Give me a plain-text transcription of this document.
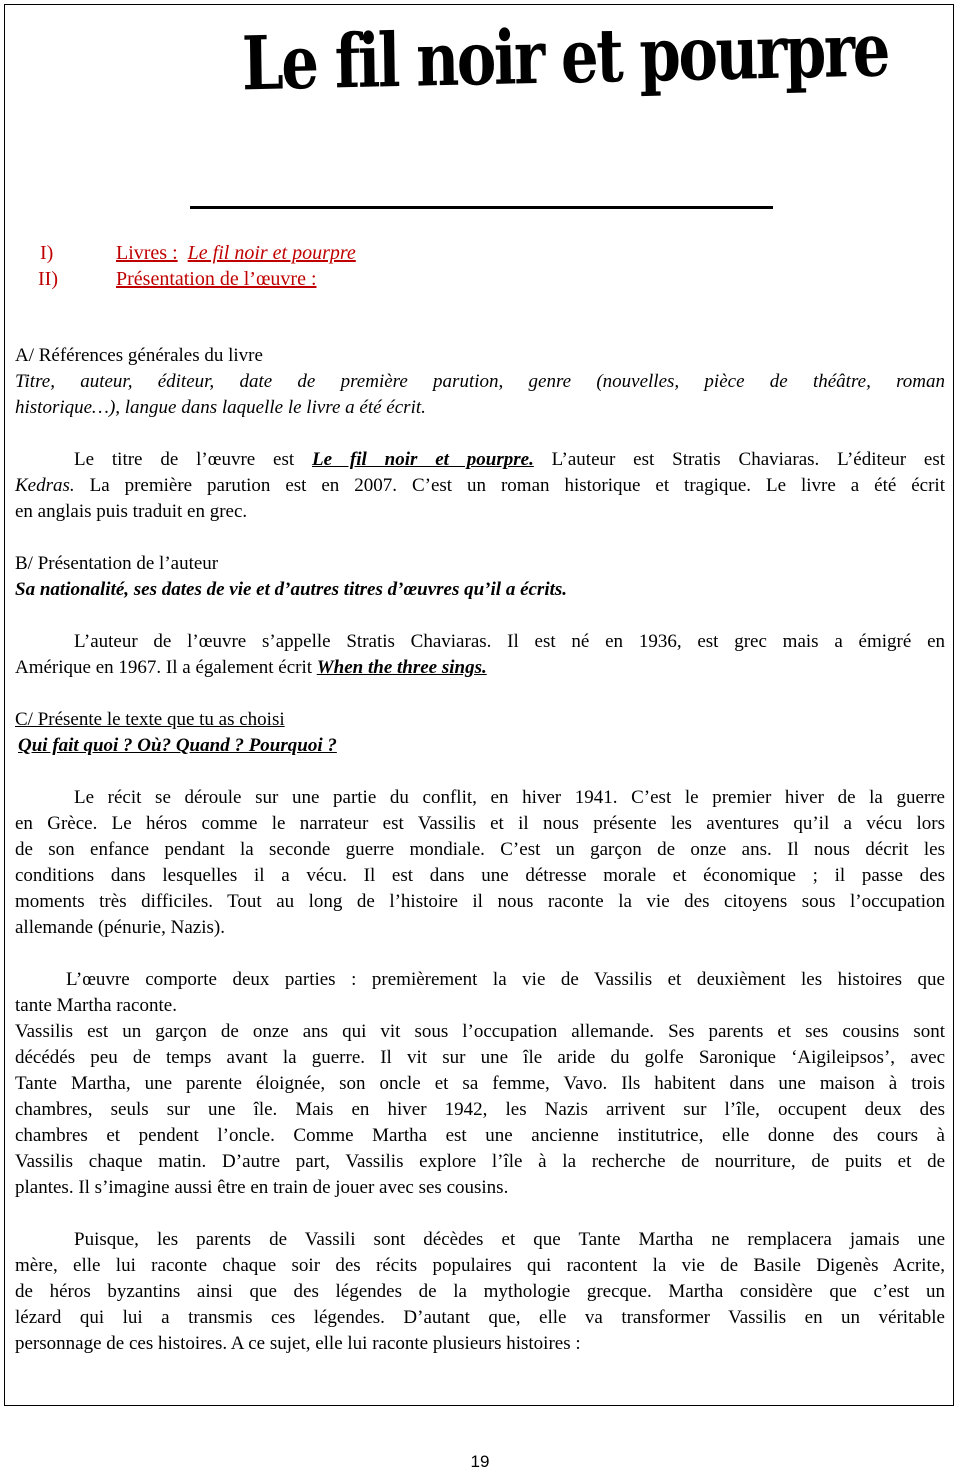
Le fil noir et pourpre
I)	Livres : Le fil noir et pourpre
II)	Présentation de l’œuvre :
A/ Références générales du livre
Titre, auteur, éditeur, date de première parution, genre (nouvelles, pièce de théâtre, roman
historique…), langue dans laquelle le livre a été écrit.
Le titre de l’œuvre est Le fil noir et pourpre. L’auteur est Stratis Chaviaras. L’éditeur est
Kedras. La première parution est en 2007. C’est un roman historique et tragique. Le livre a été écrit
en anglais puis traduit en grec.
B/ Présentation de l’auteur
Sa nationalité, ses dates de vie et d’autres titres d’œuvres qu’il a écrits.
L’auteur de l’œuvre s’appelle Stratis Chaviaras. Il est né en 1936, est grec mais a émigré en
Amérique en 1967. Il a également écrit When the three sings.
C/ Présente le texte que tu as choisi
Qui fait quoi ? Où? Quand ? Pourquoi ?
Le récit se déroule sur une partie du conflit, en hiver 1941. C’est le premier hiver de la guerre
en Grèce. Le héros comme le narrateur est Vassilis et il nous présente les aventures qu’il a vécu lors
de son enfance pendant la seconde guerre mondiale. C’est un garçon de onze ans. Il nous décrit les
conditions dans lesquelles il a vécu. Il est dans une détresse morale et économique ; il passe des
moments très difficiles. Tout au long de l’histoire il nous raconte la vie des citoyens sous l’occupation
allemande (pénurie, Nazis).
L’œuvre comporte deux parties : premièrement la vie de Vassilis et deuxièment les histoires que
tante Martha raconte.
Vassilis est un garçon de onze ans qui vit sous l’occupation allemande. Ses parents et ses cousins sont
décédés peu de temps avant la guerre. Il vit sur une île aride du golfe Saronique ‘Aigileipsos’, avec
Tante Martha, une parente éloignée, son oncle et sa femme, Vavo. Ils habitent dans une maison à trois
chambres, seuls sur une île. Mais en hiver 1942, les Nazis arrivent sur l’île, occupent deux des
chambres et pendent l’oncle. Comme Martha est une ancienne institutrice, elle donne des cours à
Vassilis chaque matin. D’autre part, Vassilis explore l’île à la recherche de nourriture, de puits et de
plantes. Il s’imagine aussi être en train de jouer avec ses cousins.
Puisque, les parents de Vassili sont décèdes et que Tante Martha ne remplacera jamais une
mère, elle lui raconte chaque soir des récits populaires qui racontent la vie de Basile Digenès Acrite,
de héros byzantins ainsi que des légendes de la mythologie grecque. Martha considère que c’est un
lézard qui lui a transmis ces légendes. D’autant que, elle va transformer Vassilis en un véritable
personnage de ces histoires. A ce sujet, elle lui raconte plusieurs histoires :
19
